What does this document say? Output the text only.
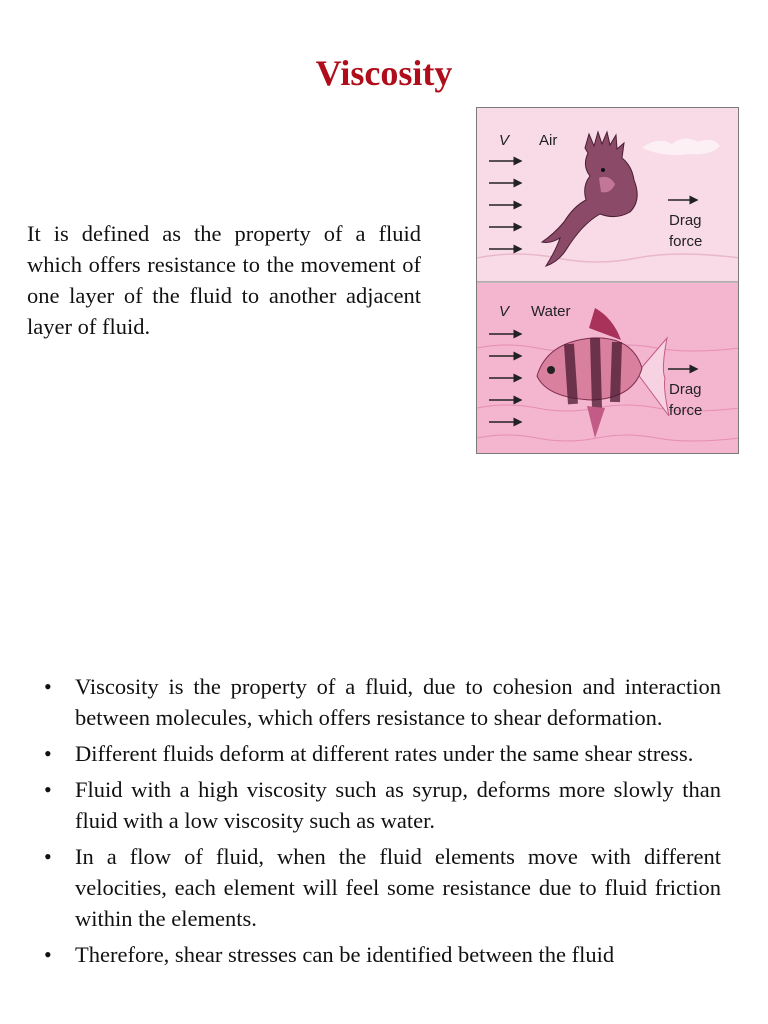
Viscosity

It is defined as the property of a fluid which offers resistance to the movement of one layer of the fluid to another adjacent layer of fluid.

V Air
Drag
force
V Water
Drag
force
• Viscosity is the property of a fluid, due to cohesion and interaction between molecules, which offers resistance to shear deformation.
• Different fluids deform at different rates under the same shear stress.
• Fluid with a high viscosity such as syrup, deforms more slowly than fluid with a low viscosity such as water.
• In a flow of fluid, when the fluid elements move with different velocities, each element will feel some resistance due to fluid friction within the elements.
• Therefore, shear stresses can be identified between the fluid
